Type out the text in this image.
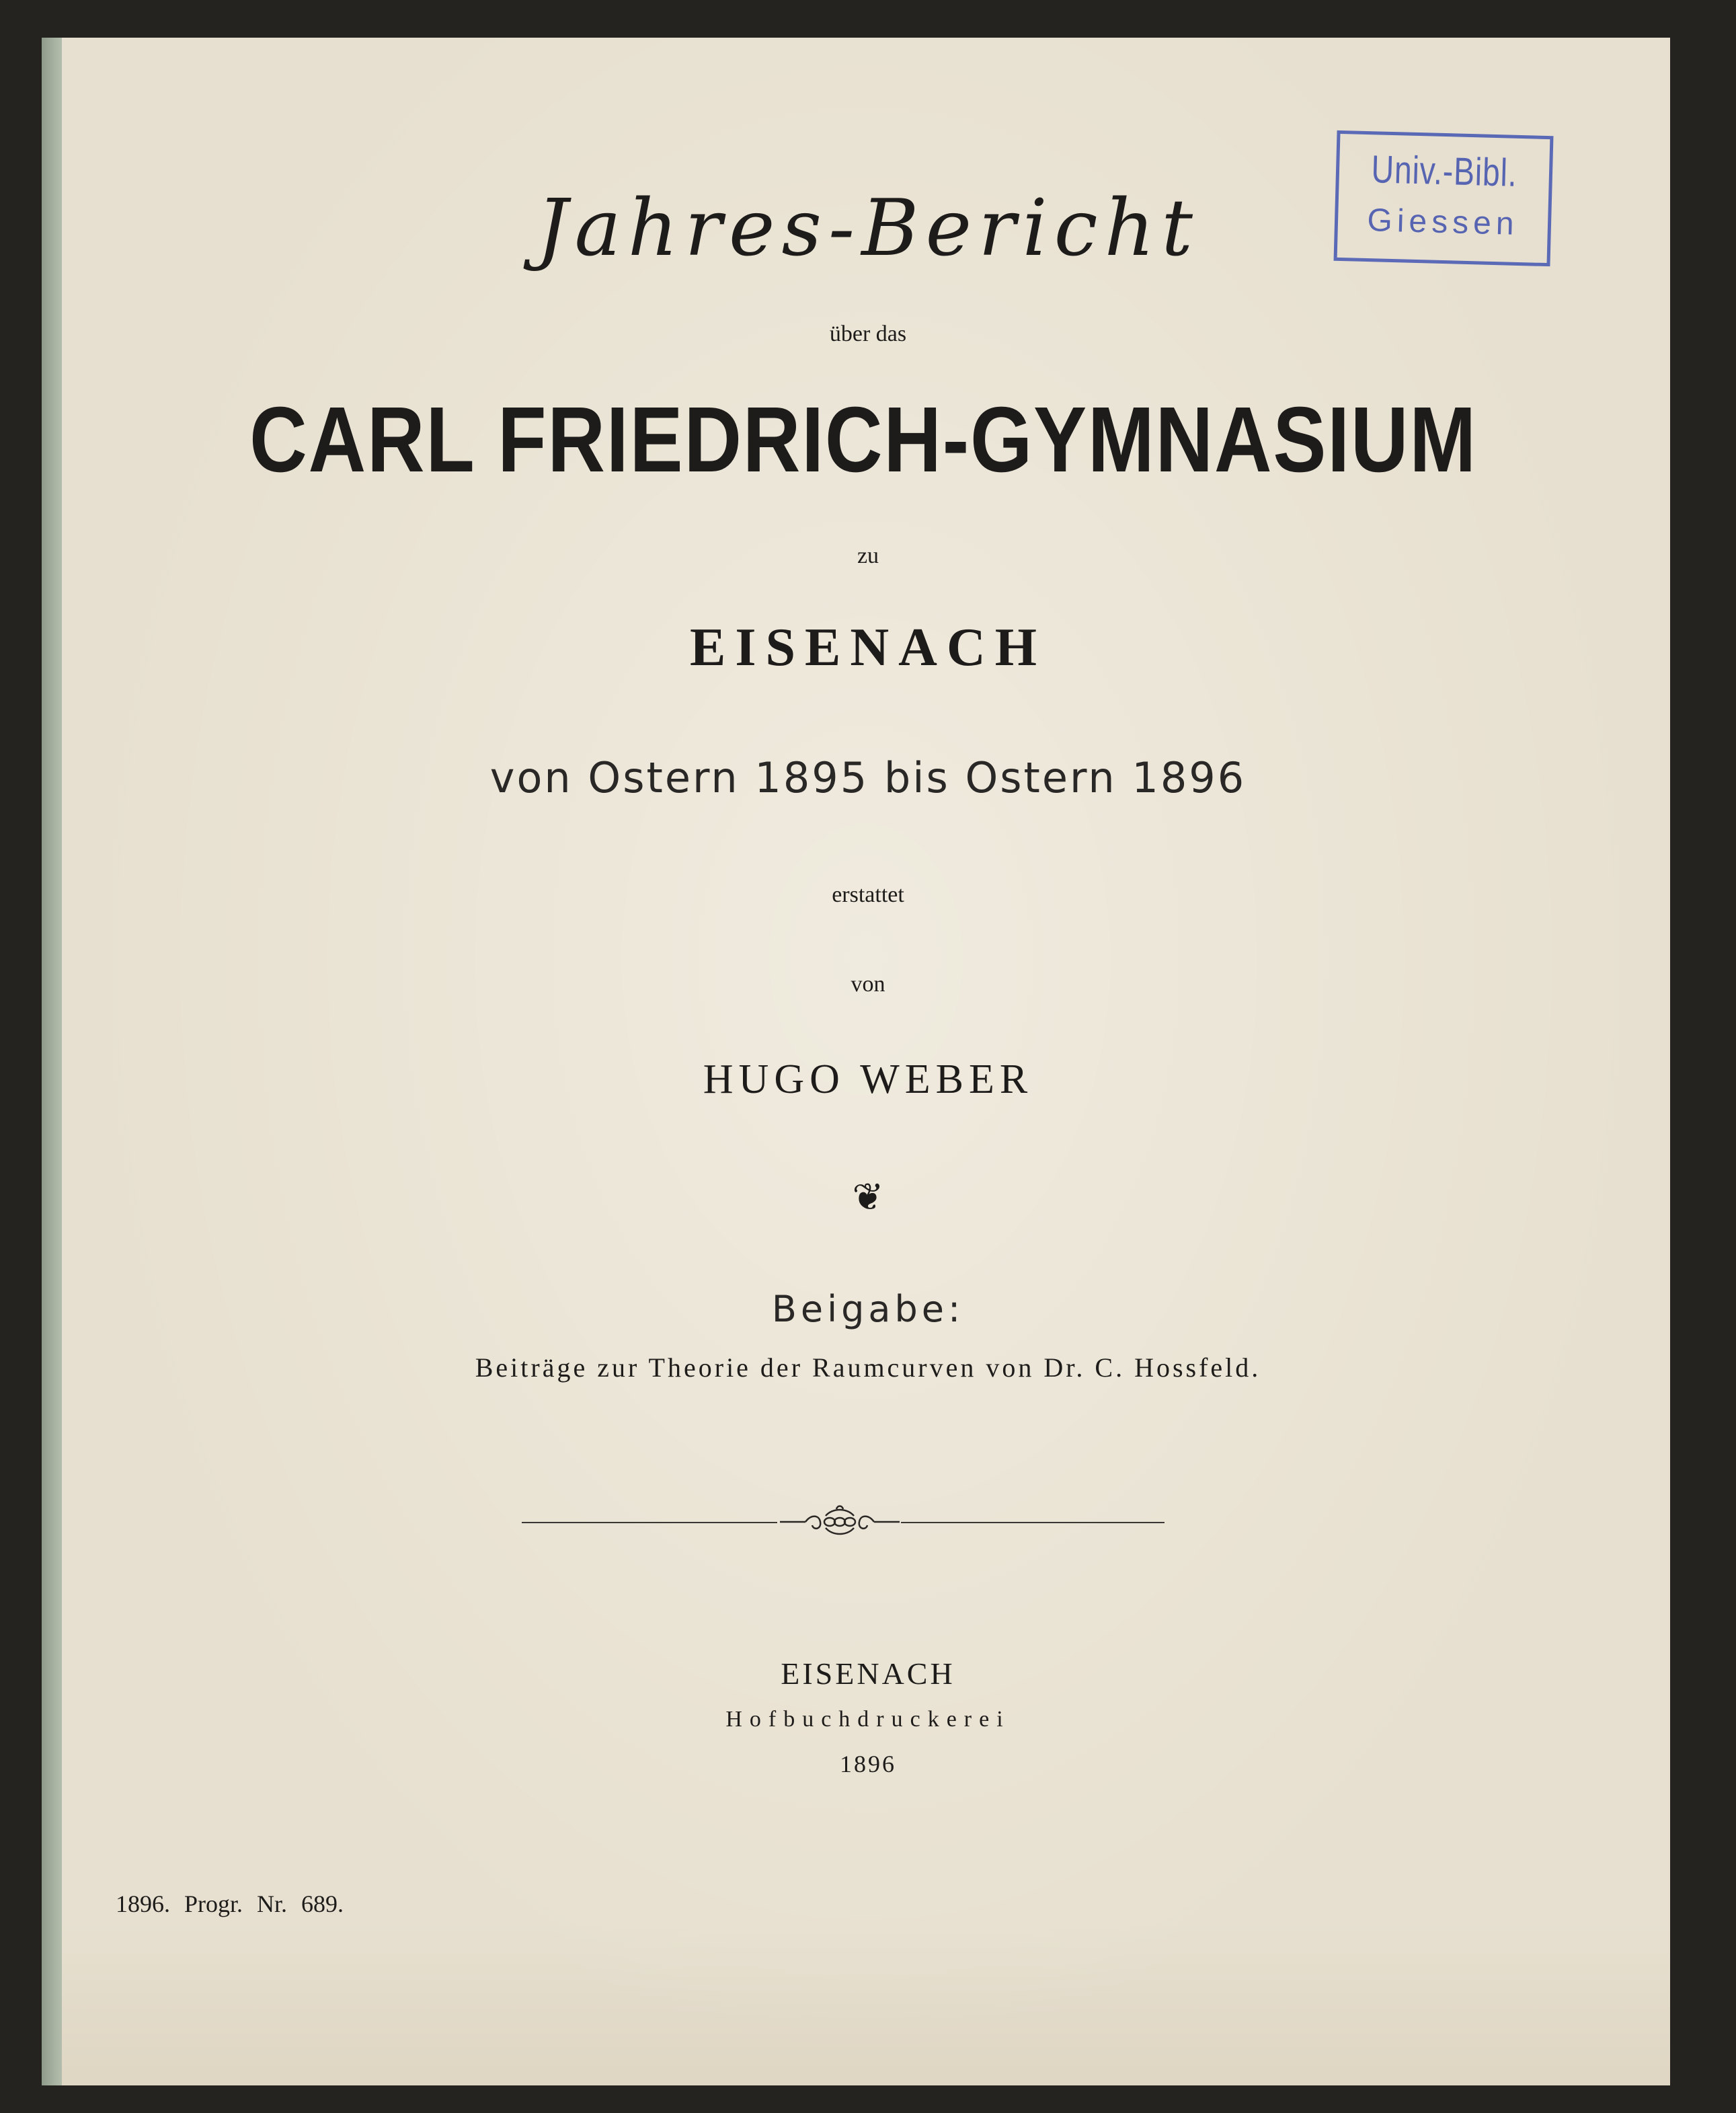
Jahres-Bericht
über das
CARL FRIEDRICH-GYMNASIUM
zu
EISENACH
von Ostern 1895 bis Ostern 1896
erstattet
von
HUGO WEBER
❦
Beigabe:
Beiträge zur Theorie der Raumcurven von Dr. C. Hossfeld.
EISENACH
Hofbuchdruckerei
1896
1896. Progr. Nr. 689.
Univ.-Bibl.
Giessen
